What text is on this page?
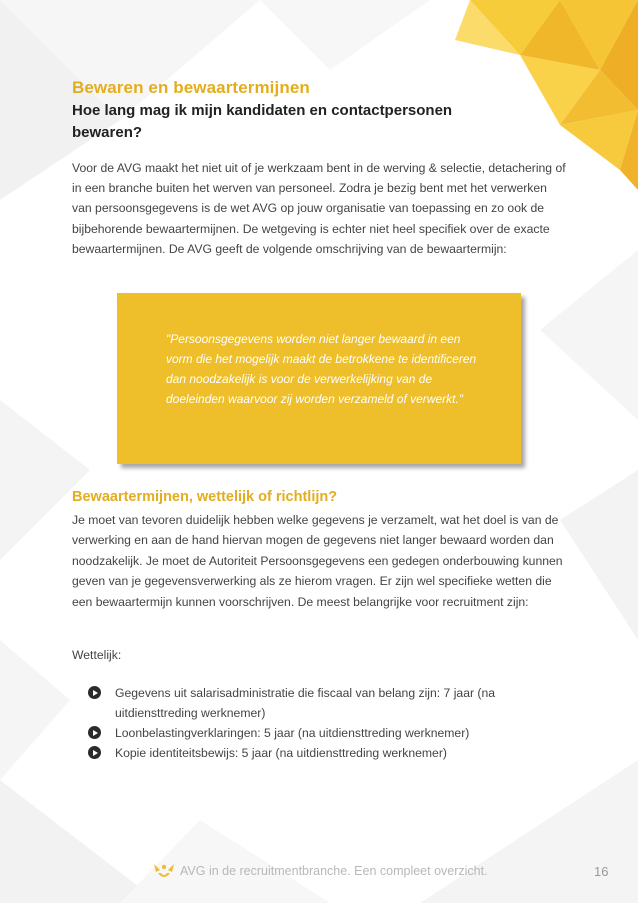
Bewaren en bewaartermijnen
Hoe lang mag ik mijn kandidaten en contactpersonen bewaren?
Voor de AVG maakt het niet uit of je werkzaam bent in de werving & selectie, detachering of in een branche buiten het werven van personeel. Zodra je bezig bent met het verwerken van persoonsgegevens is de wet AVG op jouw organisatie van toepassing en zo ook de bijbehorende bewaartermijnen. De wetgeving is echter niet heel specifiek over de exacte bewaartermijnen. De AVG geeft de volgende omschrijving van de bewaartermijn:
"Persoonsgegevens worden niet langer bewaard in een vorm die het mogelijk maakt de betrokkene te identificeren dan noodzakelijk is voor de verwerkelijking van de doeleinden waarvoor zij worden verzameld of verwerkt."
Bewaartermijnen, wettelijk of richtlijn?
Je moet van tevoren duidelijk hebben welke gegevens je verzamelt, wat het doel is van de verwerking en aan de hand hiervan mogen de gegevens niet langer bewaard worden dan noodzakelijk. Je moet de Autoriteit Persoonsgegevens een gedegen onderbouwing kunnen geven van je gegevensverwerking als ze hierom vragen. Er zijn wel specifieke wetten die een bewaartermijn kunnen voorschrijven. De meest belangrijke voor recruitment zijn:
Wettelijk:
Gegevens uit salarisadministratie die fiscaal van belang zijn: 7 jaar (na uitdiensttreding werknemer)
Loonbelastingverklaringen: 5 jaar (na uitdiensttreding werknemer)
Kopie identiteitsbewijs: 5 jaar (na uitdiensttreding werknemer)
AVG in de recruitmentbranche. Een compleet overzicht.	16
